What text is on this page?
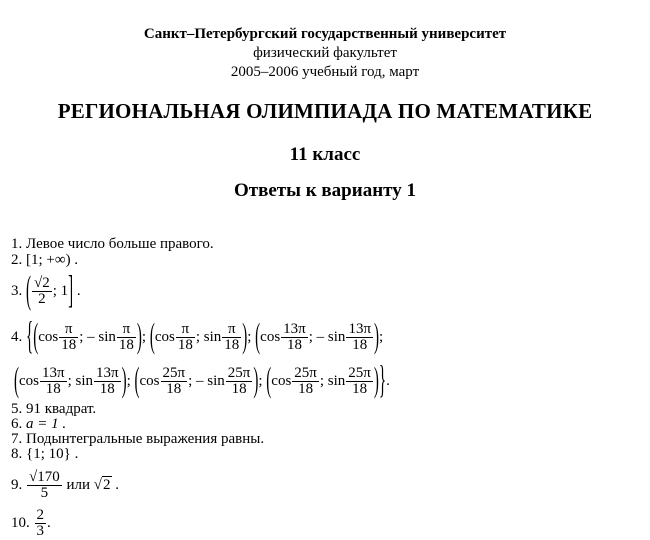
Санкт–Петербургский государственный университет
физический факультет
2005–2006 учебный год, март
РЕГИОНАЛЬНАЯ ОЛИМПИАДА ПО МАТЕМАТИКЕ
11 класс
Ответы к варианту 1
1. Левое число больше правого.
2. [1; +∞) .
3. ( $\frac{√2}{2}$ ; 1] .
4. {($\cos \frac{\pi}{18}$ ; – $\sin \frac{\pi}{18}$ ); ($\cos \frac{\pi}{18}$ ; $\sin \frac{\pi}{18}$ ); ($\cos \frac{13\pi}{18}$ ; – $\sin \frac{13\pi}{18}$ );
($\cos \frac{13\pi}{18}$ ; $\sin \frac{13\pi}{18}$ ); ($\cos \frac{25\pi}{18}$ ; – $\sin \frac{25\pi}{18}$ ); ($\cos \frac{25\pi}{18}$ ; $\sin \frac{25\pi}{18}$ )}.
5. 91 квадрат.
6. a = 1 .
7. Подынтегральные выражения равны.
8. {1; 10} .
9. $\frac{√170}{5}$ или √2 .
10. $\frac{2}{3}$ .
